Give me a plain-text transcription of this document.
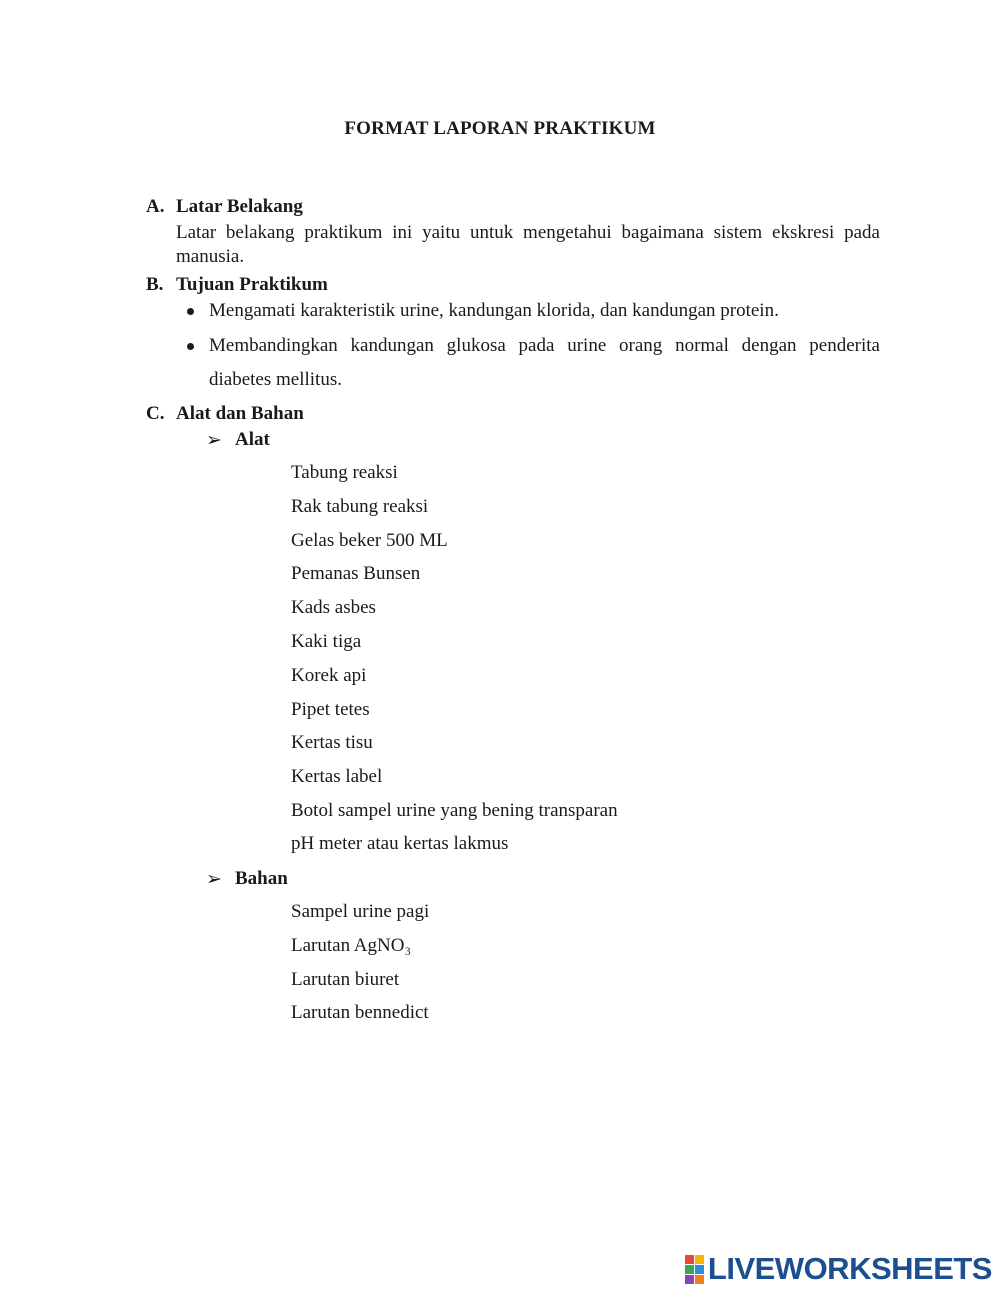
FORMAT LAPORAN PRAKTIKUM
A. Latar Belakang
Latar belakang praktikum ini yaitu untuk mengetahui bagaimana sistem ekskresi pada manusia.
B. Tujuan Praktikum
Mengamati karakteristik urine, kandungan klorida, dan kandungan protein.
Membandingkan kandungan glukosa pada urine orang normal dengan penderita diabetes mellitus.
C. Alat dan Bahan
➢ Alat
Tabung reaksi
Rak tabung reaksi
Gelas beker 500 ML
Pemanas Bunsen
Kads asbes
Kaki tiga
Korek api
Pipet tetes
Kertas tisu
Kertas label
Botol sampel urine yang bening transparan
pH meter atau kertas lakmus
➢ Bahan
Sampel urine pagi
Larutan AgNO₃
Larutan biuret
Larutan bennedict
LIVEWORKSHEETS
